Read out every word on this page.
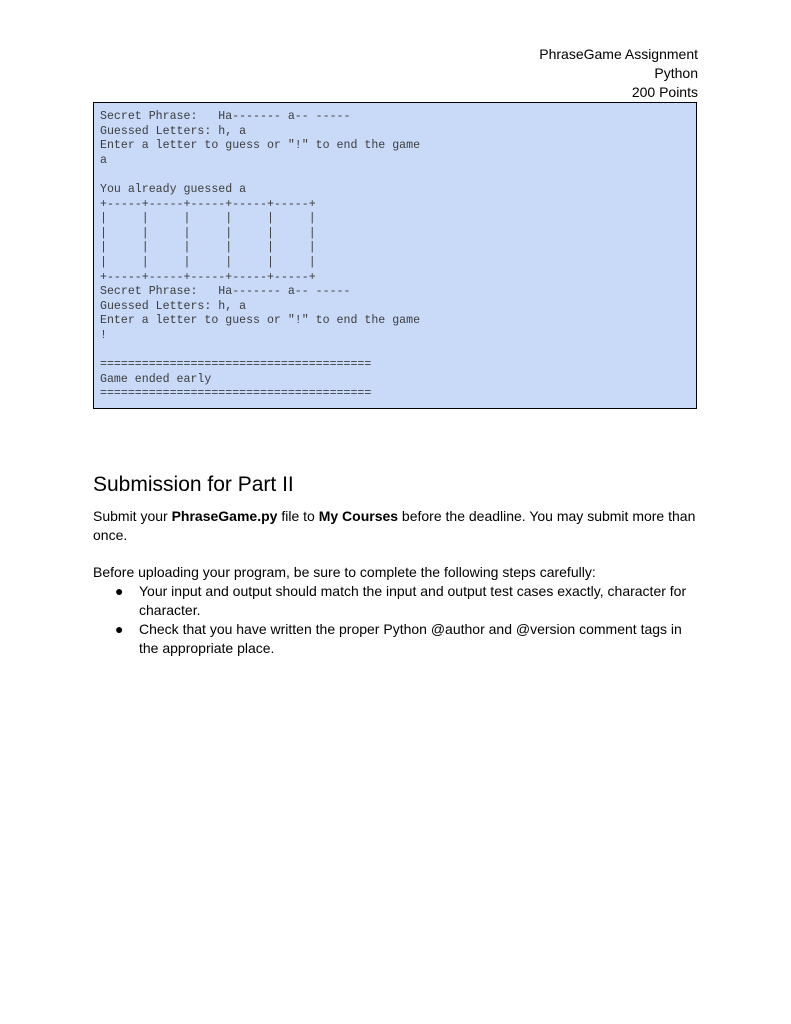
PhraseGame Assignment
Python
200 Points
Secret Phrase:   Ha------- a-- -----
Guessed Letters: h, a
Enter a letter to guess or "!" to end the game
a

You already guessed a
+-----+-----+-----+-----+-----+
|     |     |     |     |     |
|     |     |     |     |     |
|     |     |     |     |     |
|     |     |     |     |     |
+-----+-----+-----+-----+-----+
Secret Phrase:   Ha------- a-- -----
Guessed Letters: h, a
Enter a letter to guess or "!" to end the game
!

=======================================
Game ended early
=======================================
Submission for Part II

Submit your PhraseGame.py file to My Courses before the deadline. You may submit more than once.

Before uploading your program, be sure to complete the following steps carefully:

● Your input and output should match the input and output test cases exactly, character for character.
● Check that you have written the proper Python @author and @version comment tags in the appropriate place.
